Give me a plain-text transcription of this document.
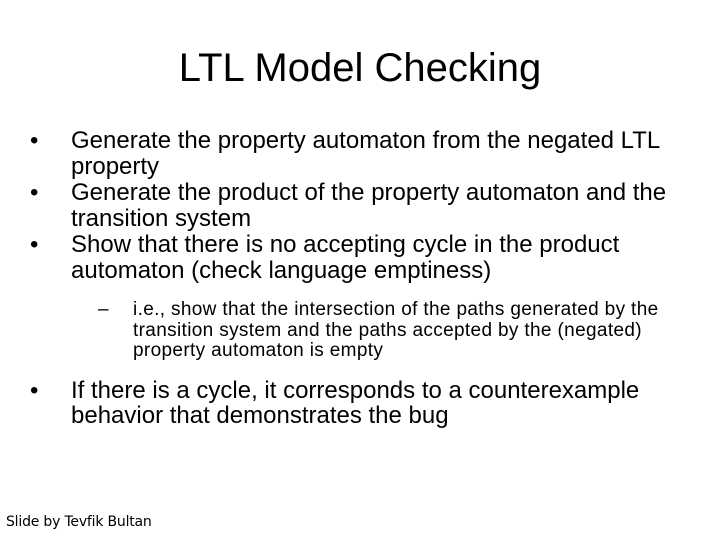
LTL Model Checking
• Generate the property automaton from the negated LTL property
• Generate the product of the property automaton and the transition system
• Show that there is no accepting cycle in the product automaton (check language emptiness)
– i.e., show that the intersection of the paths generated by the transition system and the paths accepted by the (negated) property automaton is empty
• If there is a cycle, it corresponds to a counterexample behavior that demonstrates the bug
Slide by Tevfik Bultan
